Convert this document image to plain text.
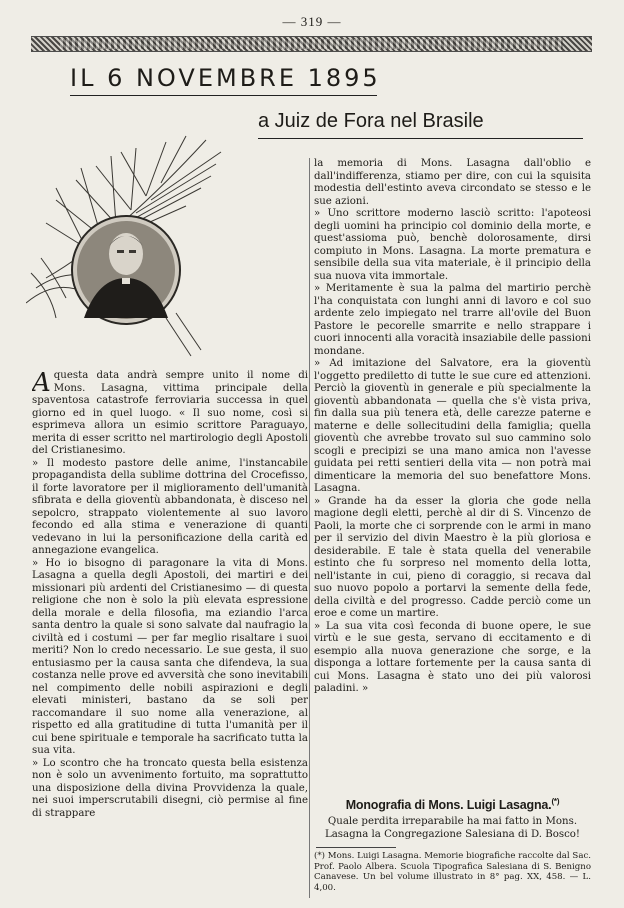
— 319 —
IL 6 NOVEMBRE 1895
a Juiz de Fora nel Brasile

Aquesta data andrà sempre unito il nome di Mons. Lasagna, vittima principale della spaventosa catastrofe ferroviaria successa in quel giorno ed in quel luogo. « Il suo nome, così si esprimeva allora un esimio scrittore Paraguayo, merita di esser scritto nel martirologio degli Apostoli del Cristianesimo.

» Il modesto pastore delle anime, l'instancabile propagandista della sublime dottrina del Crocefisso, il forte lavoratore per il miglioramento dell'umanità sfibrata e della gioventù abbandonata, è disceso nel sepolcro, strappato violentemente al suo lavoro fecondo ed alla stima e venerazione di quanti vedevano in lui la personificazione della carità ed annegazione evangelica.

» Ho io bisogno di paragonare la vita di Mons. Lasagna a quella degli Apostoli, dei martiri e dei missionari più ardenti del Cristianesimo — di questa religione che non è solo la più elevata espressione della morale e della filosofia, ma eziandio l'arca santa dentro la quale si sono salvate dal naufragio la civiltà ed i costumi — per far meglio risaltare i suoi meriti? Non lo credo necessario. Le sue gesta, il suo entusiasmo per la causa santa che difendeva, la sua costanza nelle prove ed avversità che sono inevitabili nel compimento delle nobili aspirazioni e degli elevati ministeri, bastano da se soli per raccomandare il suo nome alla venerazione, al rispetto ed alla gratitudine di tutta l'umanità per il cui bene spirituale e temporale ha sacrificato tutta la sua vita.

» Lo scontro che ha troncato questa bella esistenza non è solo un avvenimento fortuito, ma soprattutto una disposizione della divina Provvidenza la quale, nei suoi imperscrutabili disegni, ciò permise al fine di strappare

la memoria di Mons. Lasagna dall'oblio e dall'indifferenza, stiamo per dire, con cui la squisita modestia dell'estinto aveva circondato se stesso e le sue azioni.

» Uno scrittore moderno lasciò scritto: l'apoteosi degli uomini ha principio col dominio della morte, e quest'assioma può, benchè dolorosamente, dirsi compiuto in Mons. Lasagna. La morte prematura e sensibile della sua vita materiale, è il principio della sua nuova vita immortale.

» Meritamente è sua la palma del martirio perchè l'ha conquistata con lunghi anni di lavoro e col suo ardente zelo impiegato nel trarre all'ovile del Buon Pastore le pecorelle smarrite e nello strappare i cuori innocenti alla voracità insaziabile delle passioni mondane.

» Ad imitazione del Salvatore, era la gioventù l'oggetto prediletto di tutte le sue cure ed attenzioni. Perciò la gioventù in generale e più specialmente la gioventù abbandonata — quella che s'è vista priva, fin dalla sua più tenera età, delle carezze paterne e materne e delle sollecitudini della famiglia; quella gioventù che avrebbe trovato sul suo cammino solo scogli e precipizi se una mano amica non l'avesse guidata pei retti sentieri della vita — non potrà mai dimenticare la memoria del suo benefattore Mons. Lasagna.

» Grande ha da esser la gloria che gode nella magione degli eletti, perchè al dir di S. Vincenzo de Paoli, la morte che ci sorprende con le armi in mano per il servizio del divin Maestro è la più gloriosa e desiderabile. E tale è stata quella del venerabile estinto che fu sorpreso nel momento della lotta, nell'istante in cui, pieno di coraggio, si recava dal suo nuovo popolo a portarvi la semente della fede, della civiltà e del progresso. Cadde perciò come un eroe e come un martire.

» La sua vita così feconda di buone opere, le sue virtù e le sue gesta, servano di eccitamento e di esempio alla nuova generazione che sorge, e la disponga a lottare fortemente per la causa santa di cui Mons. Lasagna è stato uno dei più valorosi paladini. »

Monografia di Mons. Luigi Lasagna.(*)
Quale perdita irreparabile ha mai fatto in Mons. Lasagna la Congregazione Salesiana di D. Bosco!
(*) Mons. Luigi Lasagna. Memorie biografiche raccolte dal Sac. Prof. Paolo Albera. Scuola Tipografica Salesiana di S. Benigno Canavese. Un bel volume illustrato in 8° pag. XX, 458. — L. 4,00.
